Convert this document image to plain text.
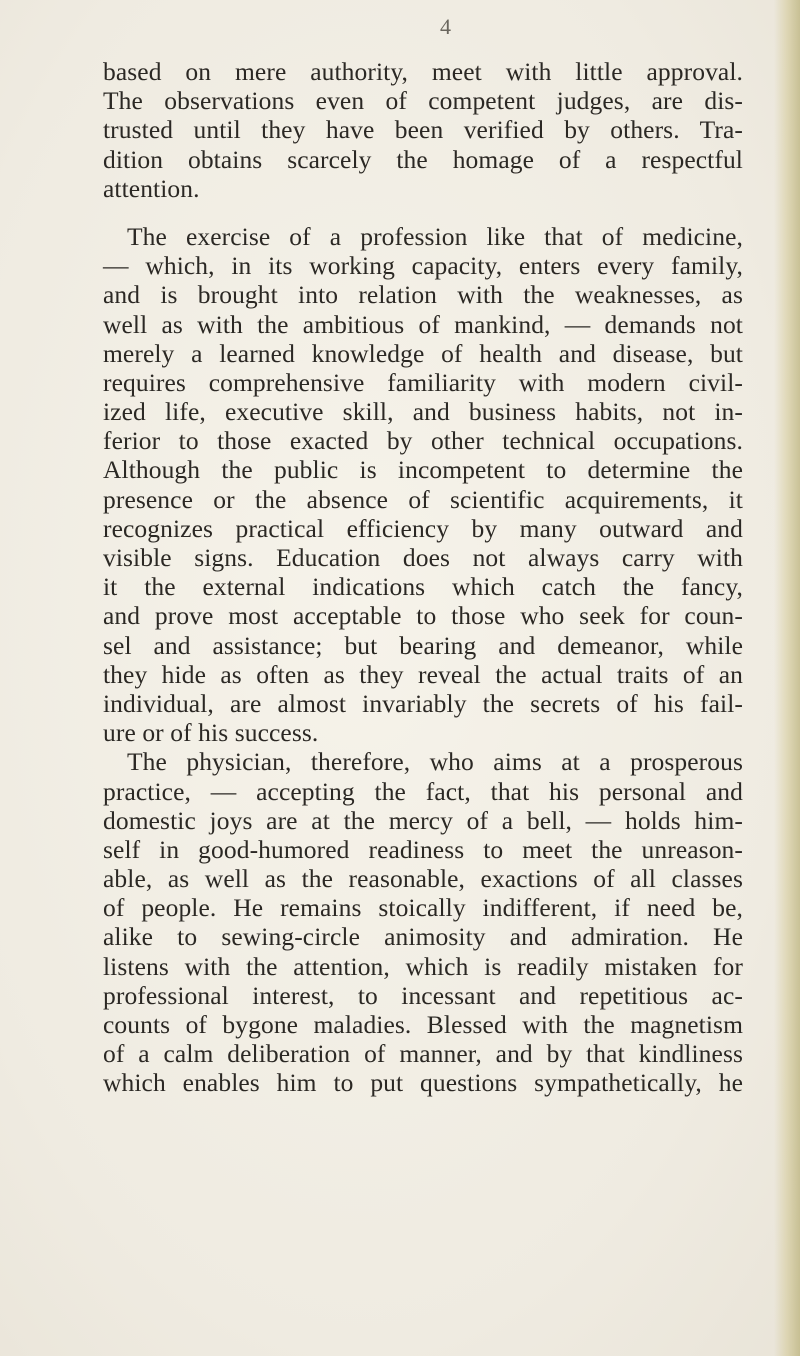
4
based on mere authority, meet with little approval.
The observations even of competent judges, are dis-
trusted until they have been verified by others. Tra-
dition obtains scarcely the homage of a respectful
attention.
The exercise of a profession like that of medicine,
— which, in its working capacity, enters every family,
and is brought into relation with the weaknesses, as
well as with the ambitious of mankind, — demands not
merely a learned knowledge of health and disease, but
requires comprehensive familiarity with modern civil-
ized life, executive skill, and business habits, not in-
ferior to those exacted by other technical occupations.
Although the public is incompetent to determine the
presence or the absence of scientific acquirements, it
recognizes practical efficiency by many outward and
visible signs. Education does not always carry with
it the external indications which catch the fancy,
and prove most acceptable to those who seek for coun-
sel and assistance; but bearing and demeanor, while
they hide as often as they reveal the actual traits of an
individual, are almost invariably the secrets of his fail-
ure or of his success.
The physician, therefore, who aims at a prosperous
practice, — accepting the fact, that his personal and
domestic joys are at the mercy of a bell, — holds him-
self in good-humored readiness to meet the unreason-
able, as well as the reasonable, exactions of all classes
of people. He remains stoically indifferent, if need be,
alike to sewing-circle animosity and admiration. He
listens with the attention, which is readily mistaken for
professional interest, to incessant and repetitious ac-
counts of bygone maladies. Blessed with the magnetism
of a calm deliberation of manner, and by that kindliness
which enables him to put questions sympathetically, he
